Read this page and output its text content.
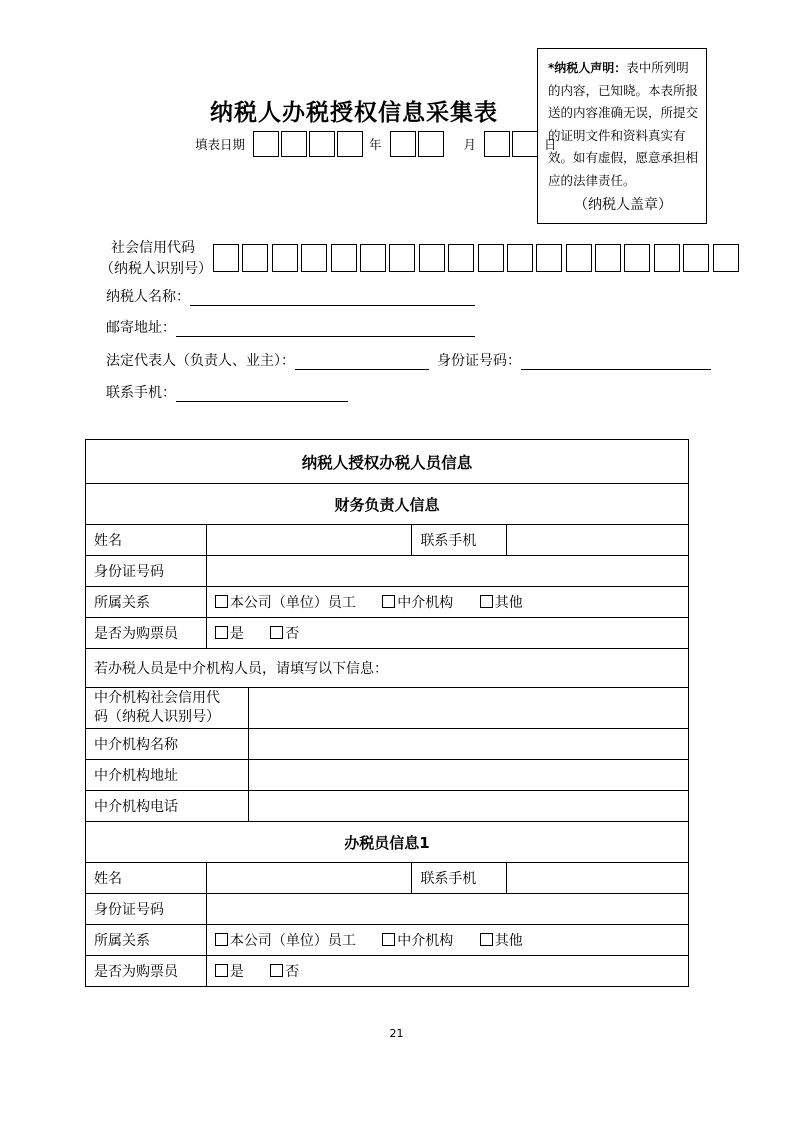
*纳税人声明：表中所列明的内容，已知晓。本表所报送的内容准确无误，所提交的证明文件和资料真实有效。如有虚假，愿意承担相应的法律责任。
（纳税人盖章）
纳税人办税授权信息采集表
填表日期	年	月	日
社会信用代码
（纳税人识别号）
纳税人名称：
邮寄地址：
法定代表人（负责人、业主）：	身份证号码：
联系手机：
纳税人授权办税人员信息				
财务负责人信息				
姓名			联系手机	
身份证号码				
所属关系	本公司（单位）员工 中介机构 其他			
是否为购票员	是 否			
若办税人员是中介机构人员，请填写以下信息：				

中介机构社会信用代
码（纳税人识别号）				

中介机构名称				
中介机构地址				
中介机构电话				
办税员信息1				
姓名			联系手机	
身份证号码				
所属关系	本公司（单位）员工 中介机构 其他			
是否为购票员	是 否			
21
